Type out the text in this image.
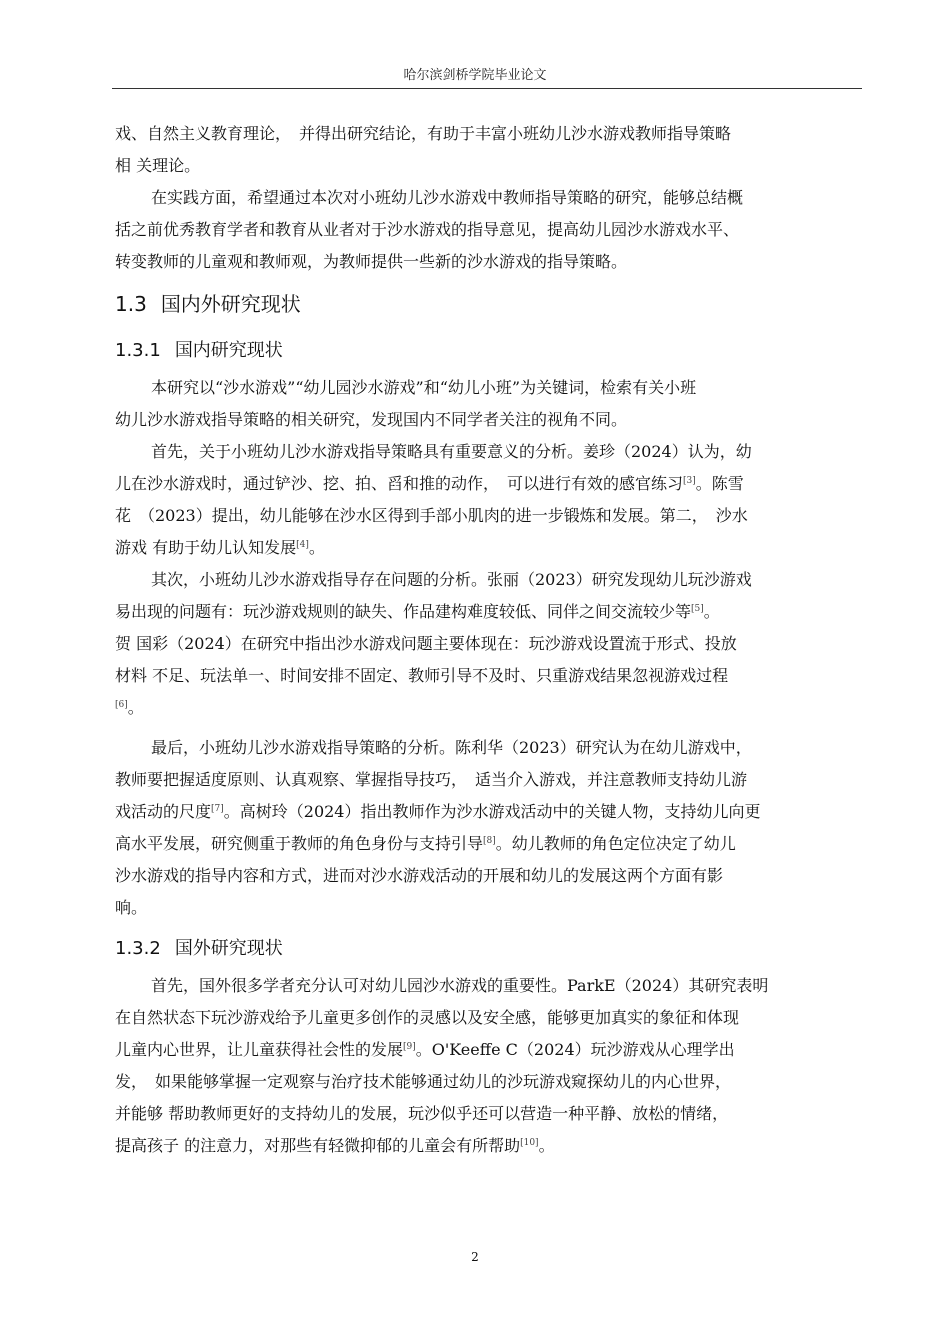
哈尔滨剑桥学院毕业论文
戏、自然主义教育理论，　并得出研究结论，有助于丰富小班幼儿沙水游戏教师指导策略
相 关理论。
在实践方面，希望通过本次对小班幼儿沙水游戏中教师指导策略的研究，能够总结概
括之前优秀教育学者和教育从业者对于沙水游戏的指导意见，提高幼儿园沙水游戏水平、
转变教师的儿童观和教师观，为教师提供一些新的沙水游戏的指导策略。
1.3 国内外研究现状
1.3.1 国内研究现状
本研究以“沙水游戏”“幼儿园沙水游戏”和“幼儿小班”为关键词，检索有关小班
幼儿沙水游戏指导策略的相关研究，发现国内不同学者关注的视角不同。
首先，关于小班幼儿沙水游戏指导策略具有重要意义的分析。姜珍（2024）认为，幼
儿在沙水游戏时，通过铲沙、挖、拍、舀和推的动作，　可以进行有效的感官练习[3]。陈雪
花　（2023）提出，幼儿能够在沙水区得到手部小肌肉的进一步锻炼和发展。第二，　沙水
游戏 有助于幼儿认知发展[4]。
其次，小班幼儿沙水游戏指导存在问题的分析。张丽（2023）研究发现幼儿玩沙游戏
易出现的问题有：玩沙游戏规则的缺失、作品建构难度较低、同伴之间交流较少等[5]。
贺 国彩（2024）在研究中指出沙水游戏问题主要体现在：玩沙游戏设置流于形式、投放
材料 不足、玩法单一、时间安排不固定、教师引导不及时、只重游戏结果忽视游戏过程
[6]。
最后，小班幼儿沙水游戏指导策略的分析。陈利华（2023）研究认为在幼儿游戏中，
教师要把握适度原则、认真观察、掌握指导技巧，　适当介入游戏，并注意教师支持幼儿游
戏活动的尺度[7]。高树玲（2024）指出教师作为沙水游戏活动中的关键人物，支持幼儿向更
高水平发展，研究侧重于教师的角色身份与支持引导[8]。幼儿教师的角色定位决定了幼儿
沙水游戏的指导内容和方式，进而对沙水游戏活动的开展和幼儿的发展这两个方面有影
响。
1.3.2 国外研究现状
首先，国外很多学者充分认可对幼儿园沙水游戏的重要性。ParkE（2024）其研究表明
在自然状态下玩沙游戏给予儿童更多创作的灵感以及安全感，能够更加真实的象征和体现
儿童内心世界，让儿童获得社会性的发展[9]。O'Keeffe C（2024）玩沙游戏从心理学出
发，　如果能够掌握一定观察与治疗技术能够通过幼儿的沙玩游戏窥探幼儿的内心世界，
并能够 帮助教师更好的支持幼儿的发展，玩沙似乎还可以营造一种平静、放松的情绪，
提高孩子 的注意力，对那些有轻微抑郁的儿童会有所帮助[10]。
2
